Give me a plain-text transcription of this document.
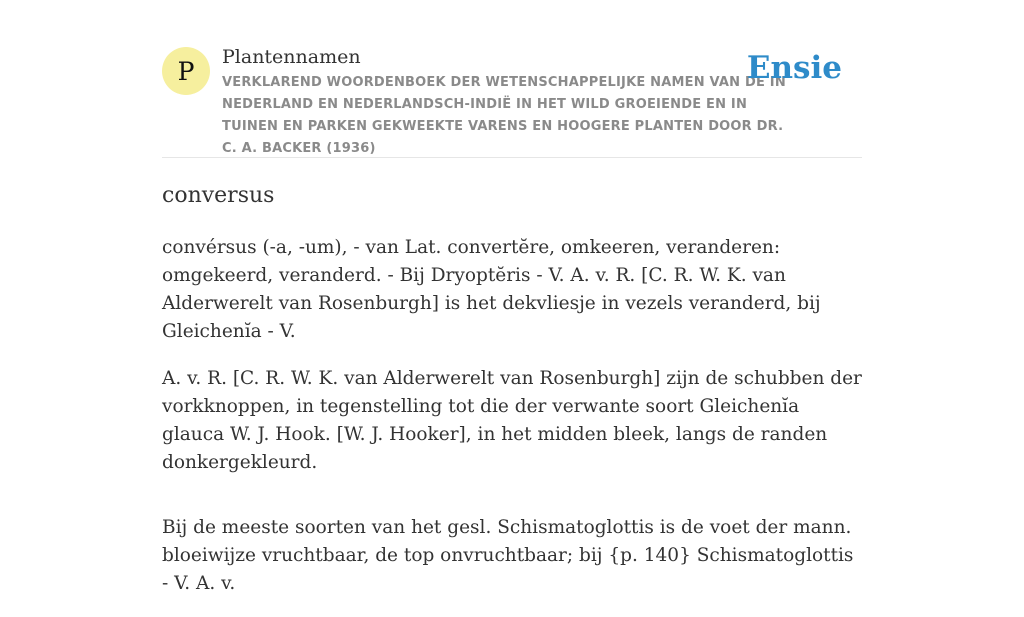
P	Plantennamen
VERKLAREND WOORDENBOEK DER WETENSCHAPPELIJKE NAMEN VAN DE IN NEDERLAND EN NEDERLANDSCH-INDIË IN HET WILD GROEIENDE EN IN TUINEN EN PARKEN GEKWEEKTE VARENS EN HOOGERE PLANTEN DOOR DR. C. A. BACKER (1936)
Ensie
conversus

convérsus (-a, -um), - van Lat. convertĕre, omkeeren, veranderen: omgekeerd, veranderd. - Bij Dryoptĕris - V. A. v. R. [C. R. W. K. van Alderwerelt van Rosenburgh] is het dekvliesje in vezels veranderd, bij Gleichenĭa - V.

A. v. R. [C. R. W. K. van Alderwerelt van Rosenburgh] zijn de schubben der vorkknoppen, in tegenstelling tot die der verwante soort Gleichenĭa glauca W. J. Hook. [W. J. Hooker], in het midden bleek, langs de randen donkergekleurd.

Bij de meeste soorten van het gesl. Schismatoglottis is de voet der mann. bloeiwijze vruchtbaar, de top onvruchtbaar; bij {p. 140} Schismatoglottis - V. A. v.
